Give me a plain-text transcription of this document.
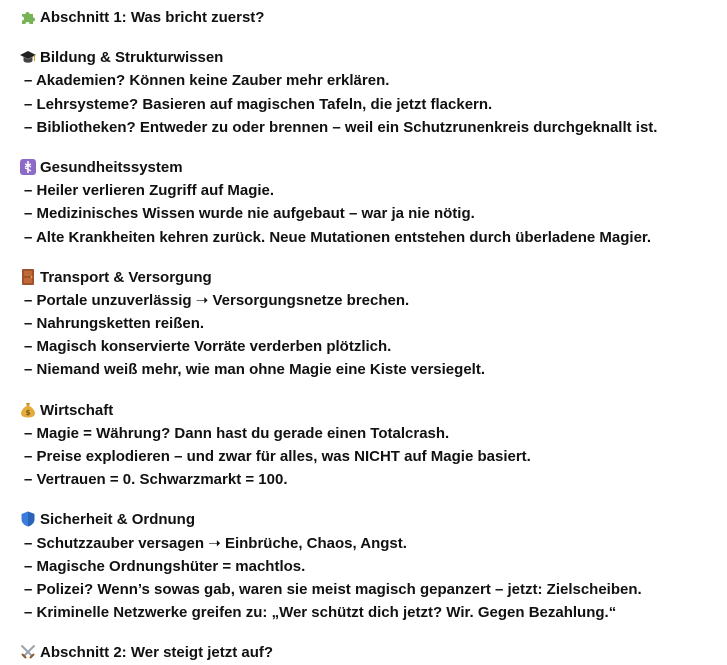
Abschnitt 1: Was bricht zuerst?
Bildung & Strukturwissen
– Akademien? Können keine Zauber mehr erklären.
– Lehrsysteme? Basieren auf magischen Tafeln, die jetzt flackern.
– Bibliotheken? Entweder zu oder brennen – weil ein Schutzrunenkreis durchgeknallt ist.
Gesundheitssystem
– Heiler verlieren Zugriff auf Magie.
– Medizinisches Wissen wurde nie aufgebaut – war ja nie nötig.
– Alte Krankheiten kehren zurück. Neue Mutationen entstehen durch überladene Magier.
Transport & Versorgung
– Portale unzuverlässig ➝ Versorgungsnetze brechen.
– Nahrungsketten reißen.
– Magisch konservierte Vorräte verderben plötzlich.
– Niemand weiß mehr, wie man ohne Magie eine Kiste versiegelt.
$ Wirtschaft
– Magie = Währung? Dann hast du gerade einen Totalcrash.
– Preise explodieren – und zwar für alles, was NICHT auf Magie basiert.
– Vertrauen = 0. Schwarzmarkt = 100.
Sicherheit & Ordnung
– Schutzzauber versagen ➝ Einbrüche, Chaos, Angst.
– Magische Ordnungshüter = machtlos.
– Polizei? Wenn’s sowas gab, waren sie meist magisch gepanzert – jetzt: Zielscheiben.
– Kriminelle Netzwerke greifen zu: „Wer schützt dich jetzt? Wir. Gegen Bezahlung.“
Abschnitt 2: Wer steigt jetzt auf?
